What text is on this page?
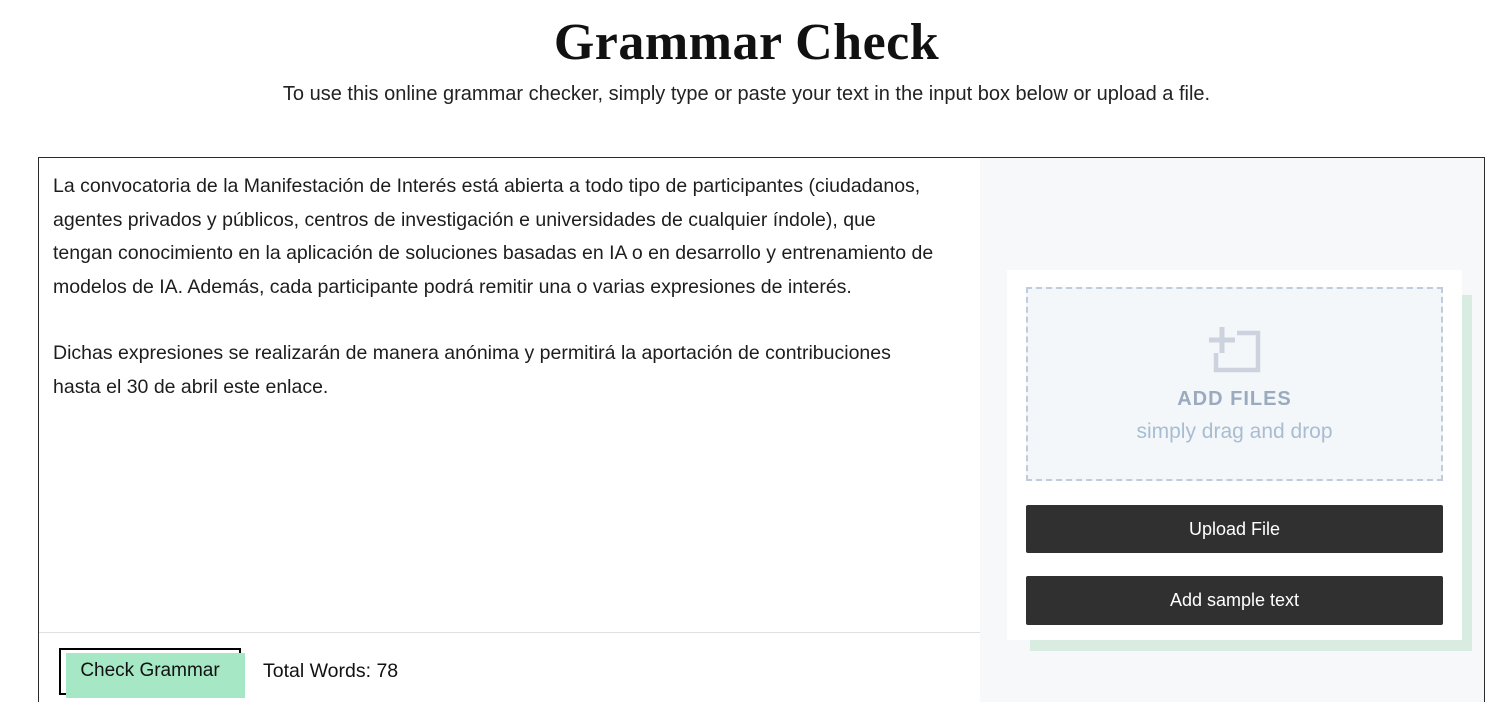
Grammar Check

To use this online grammar checker, simply type or paste your text in the input box below or upload a file.

La convocatoria de la Manifestación de Interés está abierta a todo tipo de participantes (ciudadanos, agentes privados y públicos, centros de investigación e universidades de cualquier índole), que tengan conocimiento en la aplicación de soluciones basadas en IA o en desarrollo y entrenamiento de modelos de IA. Además, cada participante podrá remitir una o varias expresiones de interés.

Dichas expresiones se realizarán de manera anónima y permitirá la aportación de contribuciones hasta el 30 de abril este enlace.

Check Grammar	Total Words: 78
ADD FILES
simply drag and drop
Upload File
Add sample text
